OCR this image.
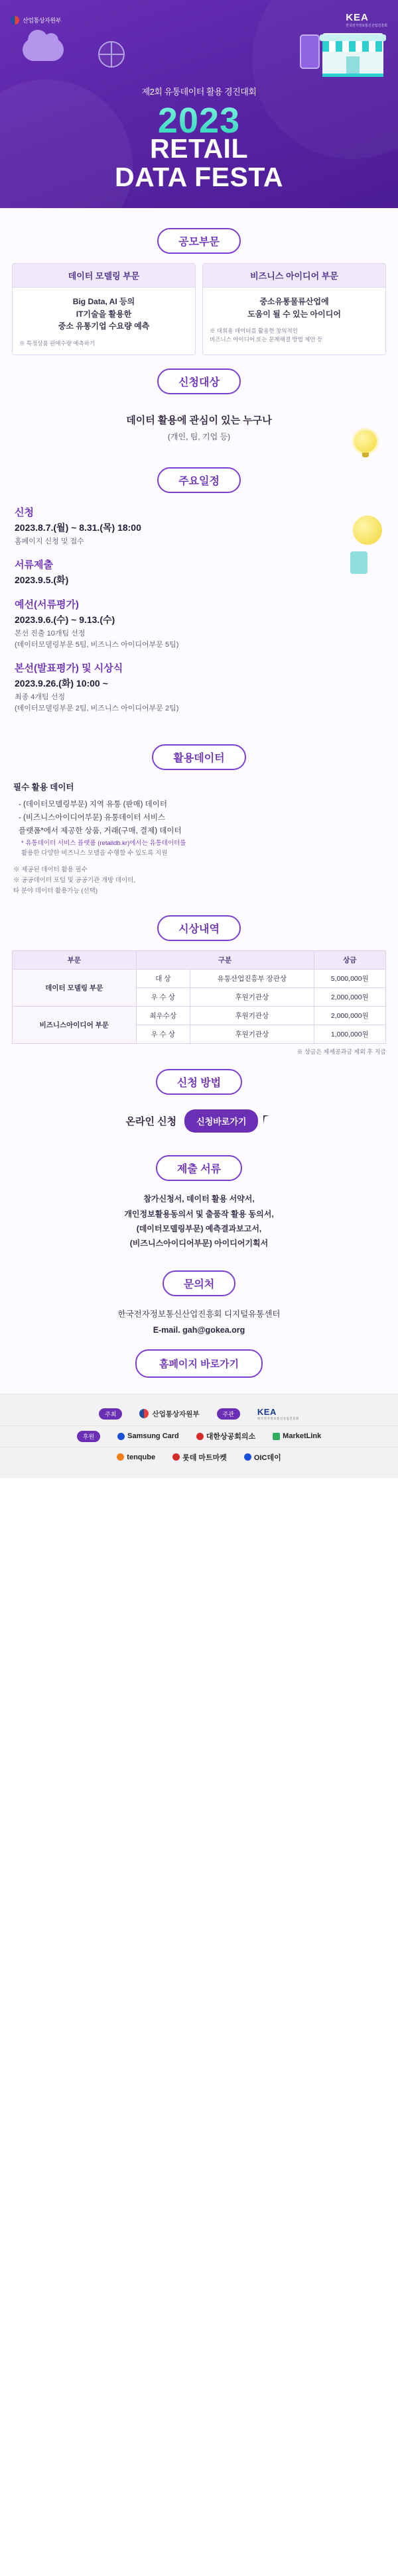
산업통상자원부	KEA
한국전자정보통신산업진흥회
제2회 유통데이터 활용 경진대회
2023
RETAIL
DATA FESTA
공모부문
데이터 모델링 부문
Big Data, AI 등의
IT기술을 활용한
중소 유통기업 수요량 예측
※ 특정상품 판매수량 예측하기
비즈니스 아이디어 부문
중소유통물류산업에
도움이 될 수 있는 아이디어
※ 대회용 데이터를 활용한 창의적인
비즈니스 아이디어 또는 문제해결 방법 제안 등
신청대상
데이터 활용에 관심이 있는 누구나
(개인, 팀, 기업 등)
주요일정
신청
2023.8.7.(월) ~ 8.31.(목) 18:00
홈페이지 신청 및 접수
서류제출
2023.9.5.(화)
예선(서류평가)
2023.9.6.(수) ~ 9.13.(수)
본선 진출 10개팀 선정
(데이터모델링부문 5팀, 비즈니스 아이디어부문 5팀)
본선(발표평가) 및 시상식
2023.9.26.(화) 10:00 ~
최종 4개팀 선정
(데이터모델링부문 2팀, 비즈니스 아이디어부문 2팀)
활용데이터
필수 활용 데이터
- (데이터모델링부문) 지역 유통 (판매) 데이터
- (비즈니스아이디어부문) 유통데이터 서비스
플랫폼*에서 제공한 상품, 거래(구매, 결제) 데이터
* 유통데이터 서비스 플랫폼 (retaildb.kr)에서는 유통데이터를
활용한 다양한 비즈니스 모델을 수행할 수 있도록 지원
※ 제공된 데이터 활용 필수
※ 공공데이터 포털 및 공공기관 개방 데이터,
타 분야 데이터 활용가능 (선택)
시상내역
부문	구분		상금
데이터 모델링 부문	대 상	유통산업진흥부 장관상	5,000,000원
	우 수 상	후원기관상	2,000,000원
비즈니스아이디어 부문	최우수상	후원기관상	2,000,000원
	우 수 상	후원기관상	1,000,000원
※ 상금은 제세공과금 제외 후 지급
신청 방법
온라인 신청	신청바로가기
제출 서류
참가신청서, 데이터 활용 서약서,
개인정보활용동의서 및 출품작 활용 동의서,
(데이터모델링부문) 예측결과보고서,
(비즈니스아이디어부문) 아이디어기획서
문의처
한국전자정보통신산업진흥회 디지털유통센터
E-mail. gah@gokea.org
홈페이지 바로가기
주최	산업통상자원부	주관	KEA
한국전자정보통신산업진흥회
후원	Samsung Card	대한상공회의소	MarketLink
tenqube	롯데 마트마켓	OIC데이
